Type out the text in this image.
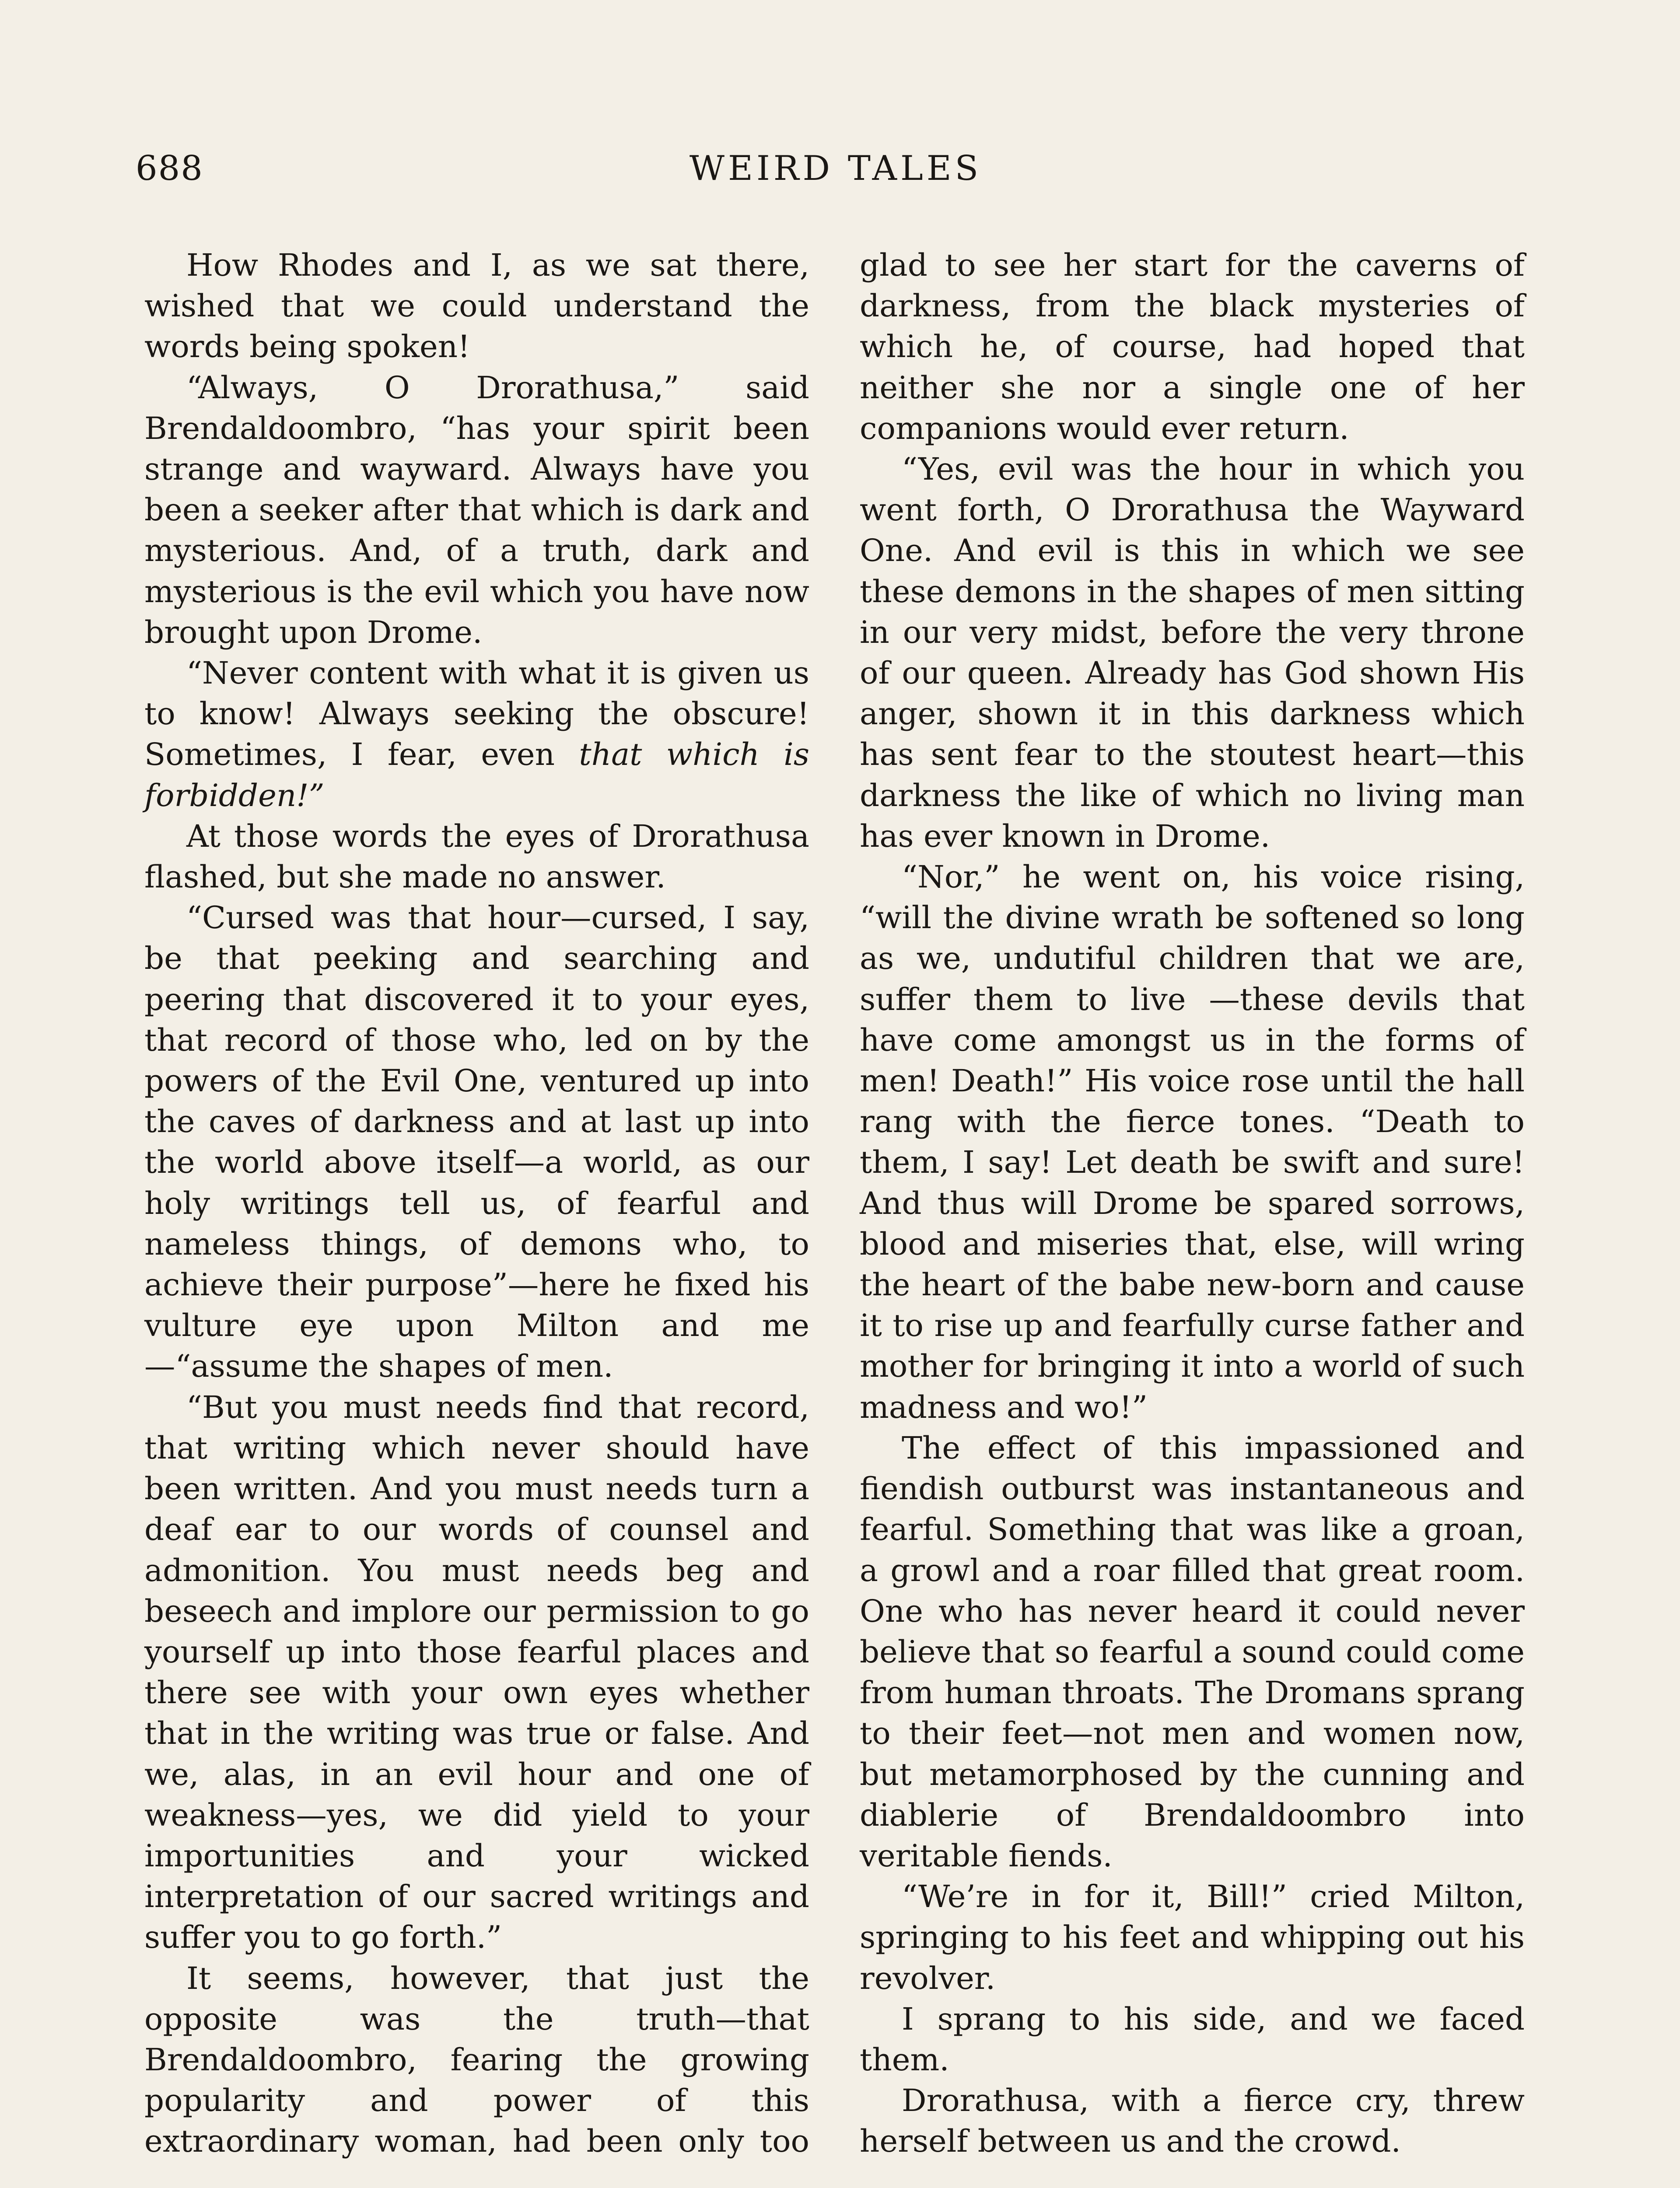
688	WEIRD TALES

How Rhodes and I, as we sat there, wished that we could understand the words being spoken!

“Always, O Drorathusa,” said Brendaldoombro, “has your spirit been strange and wayward. Always have you been a seeker after that which is dark and mysterious. And, of a truth, dark and mysterious is the evil which you have now brought upon Drome.

“Never content with what it is given us to know! Always seeking the obscure! Sometimes, I fear, even that which is forbidden!”

At those words the eyes of Drorathusa flashed, but she made no answer.

“Cursed was that hour—cursed, I say, be that peeking and searching and peering that discovered it to your eyes, that record of those who, led on by the powers of the Evil One, ventured up into the caves of darkness and at last up into the world above itself—a world, as our holy writings tell us, of fearful and nameless things, of demons who, to achieve their purpose”—here he fixed his vulture eye upon Milton and me—“assume the shapes of men.

“But you must needs find that record, that writing which never should have been written. And you must needs turn a deaf ear to our words of counsel and admonition. You must needs beg and beseech and implore our permission to go yourself up into those fearful places and there see with your own eyes whether that in the writing was true or false. And we, alas, in an evil hour and one of weakness—yes, we did yield to your importunities and your wicked interpretation of our sacred writings and suffer you to go forth.”

It seems, however, that just the opposite was the truth—that Brendaldoombro, fearing the growing popularity and power of this extraordinary woman, had been only too

glad to see her start for the caverns of darkness, from the black mysteries of which he, of course, had hoped that neither she nor a single one of her companions would ever return.

“Yes, evil was the hour in which you went forth, O Drorathusa the Wayward One. And evil is this in which we see these demons in the shapes of men sitting in our very midst, before the very throne of our queen. Already has God shown His anger, shown it in this darkness which has sent fear to the stoutest heart—this darkness the like of which no living man has ever known in Drome.

“Nor,” he went on, his voice rising, “will the divine wrath be softened so long as we, undutiful children that we are, suffer them to live —these devils that have come amongst us in the forms of men! Death!” His voice rose until the hall rang with the fierce tones. “Death to them, I say! Let death be swift and sure! And thus will Drome be spared sorrows, blood and miseries that, else, will wring the heart of the babe new-born and cause it to rise up and fearfully curse father and mother for bringing it into a world of such madness and wo!”

The effect of this impassioned and fiendish outburst was instantaneous and fearful. Something that was like a groan, a growl and a roar filled that great room. One who has never heard it could never believe that so fearful a sound could come from human throats. The Dromans sprang to their feet—not men and women now, but metamorphosed by the cunning and diablerie of Brendaldoombro into veritable fiends.

“We’re in for it, Bill!” cried Milton, springing to his feet and whipping out his revolver.

I sprang to his side, and we faced them.

Drorathusa, with a fierce cry, threw herself between us and the crowd.
